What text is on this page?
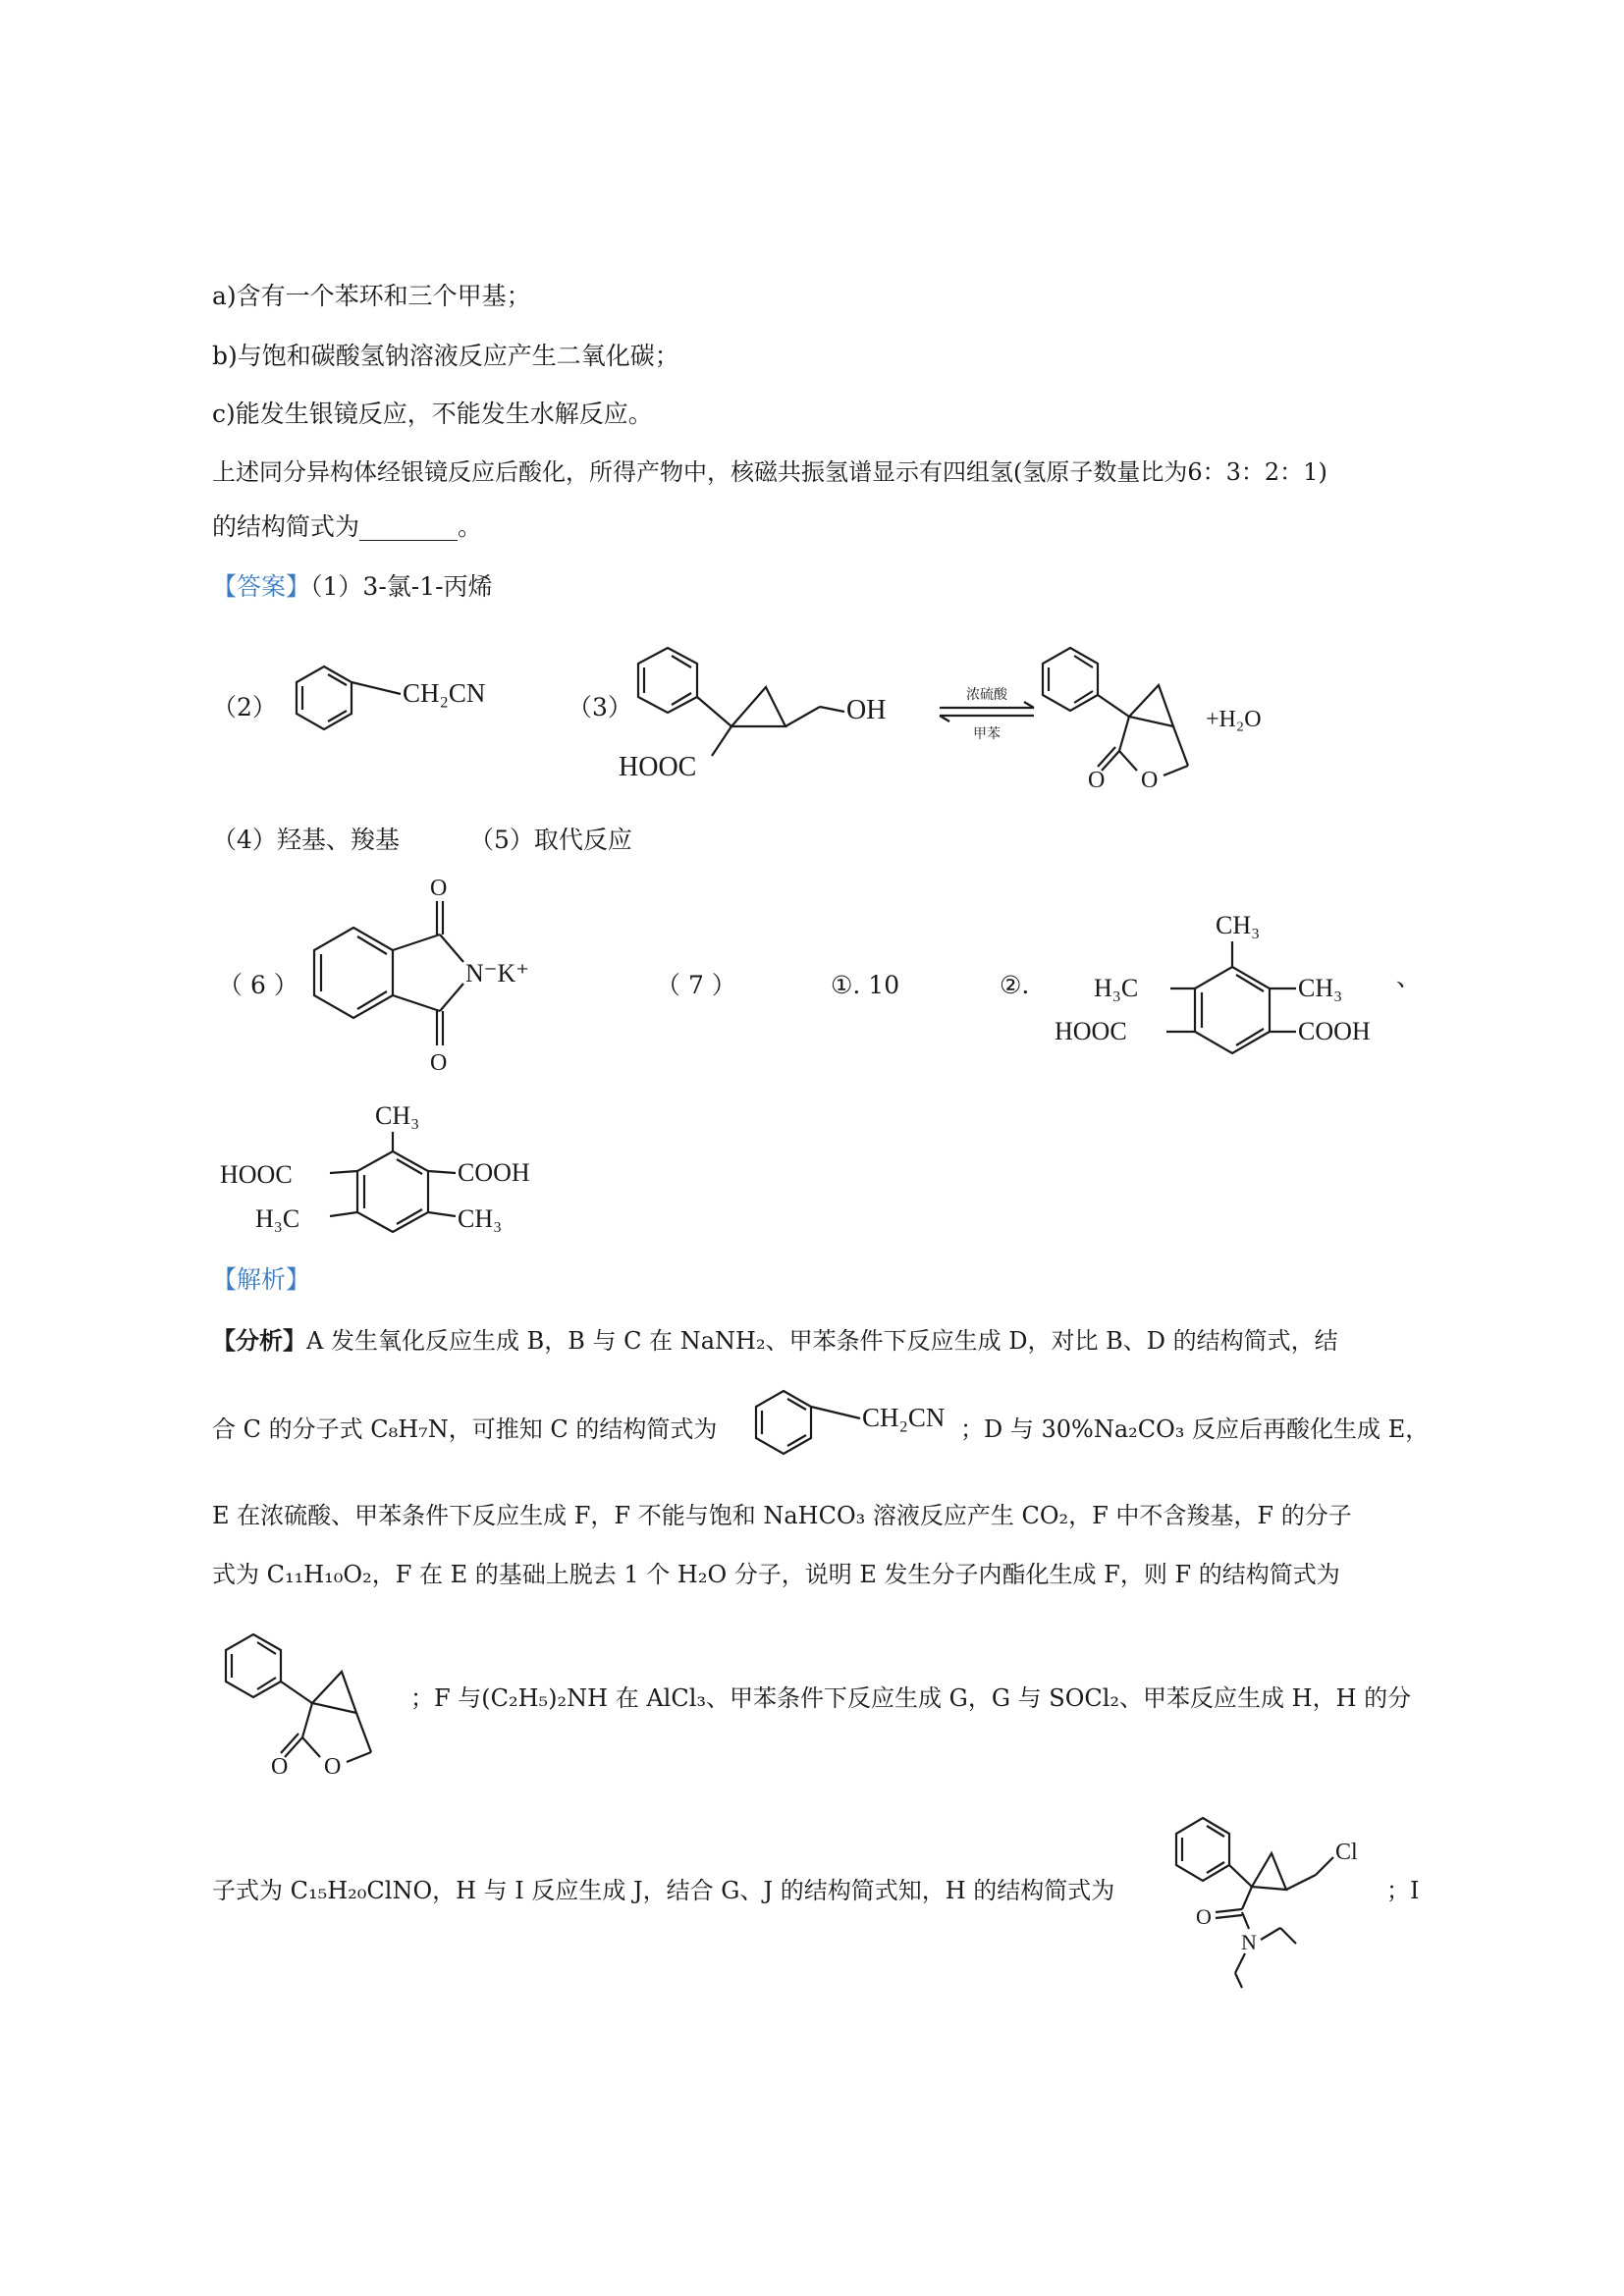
a)含有一个苯环和三个甲基；
b)与饱和碳酸氢钠溶液反应产生二氧化碳；
c)能发生银镜反应，不能发生水解反应。
上述同分异构体经银镜反应后酸化，所得产物中，核磁共振氢谱显示有四组氢(氢原子数量比为6：3：2：1)
的结构简式为________。
【答案】（1）3-氯-1-丙烯
（2）	CH₂CN	（3）	OH
HOOC
浓硫酸
甲苯
O O
+H₂O
（4）羟基、羧基	（5）取代反应
（ 6 ）
O
N⁻K⁺
O
（ 7 ）	①. 10	②.
CH₃
H₃C
HOOC
CH₃
COOH
、
CH₃
HOOC
H₃C
COOH
CH₃
【解析】
【分析】A 发生氧化反应生成 B，B 与 C 在 NaNH₂、甲苯条件下反应生成 D，对比 B、D 的结构简式，结
合 C 的分子式 C₈H₇N，可推知 C 的结构简式为	CH₂CN ；D 与 30%Na₂CO₃ 反应后再酸化生成 E，
E 在浓硫酸、甲苯条件下反应生成 F，F 不能与饱和 NaHCO₃ 溶液反应产生 CO₂，F 中不含羧基，F 的分子
式为 C₁₁H₁₀O₂，F 在 E 的基础上脱去 1 个 H₂O 分子，说明 E 发生分子内酯化生成 F，则 F 的结构简式为
O O
；F 与(C₂H₅)₂NH 在 AlCl₃、甲苯条件下反应生成 G，G 与 SOCl₂、甲苯反应生成 H，H 的分
子式为 C₁₅H₂₀ClNO，H 与 I 反应生成 J，结合 G、J 的结构简式知，H 的结构简式为
Cl
O
N
；I
